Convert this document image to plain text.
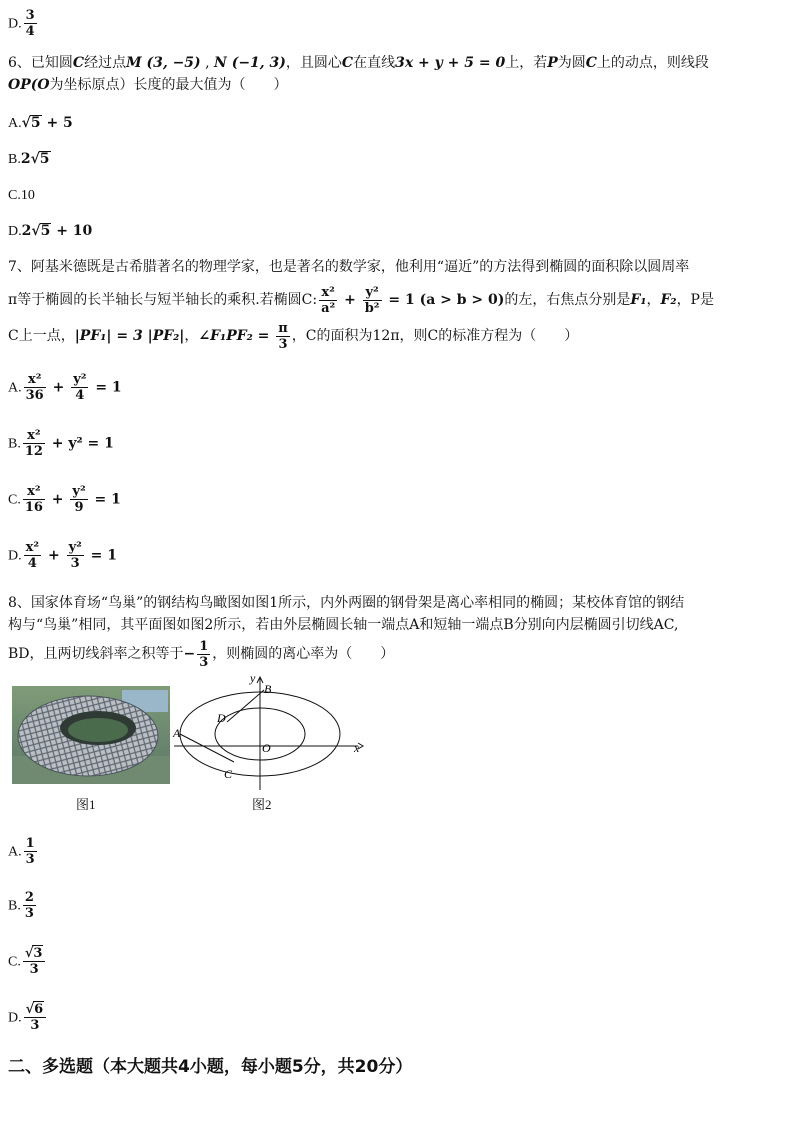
D. $\frac{3}{4}$
6、已知圆C经过点M (3, −5) , N (−1, 3)，且圆心C在直线3x + y + 5 = 0上，若P为圆C上的动点，则线段
OP(O为坐标原点）长度的最大值为（　　）
A.√5 + 5
B.2√5
C.10
D.2√5 + 10
7、阿基米德既是古希腊著名的物理学家，也是著名的数学家，他利用“逼近”的方法得到椭圆的面积除以圆周率
π等于椭圆的长半轴长与短半轴长的乘积.若椭圆C: $\frac{\text{x²}}{\text{a²}} + \frac{\text{y²}}{\text{b²}} = 1$ (a > b > 0)的左，右焦点分别是F₁，F₂，P是
C上一点，|PF₁| = 3 |PF₂|，∠F₁PF₂ = $\frac{\pi}{3}$ ，C的面积为12π，则C的标准方程为（　　）
A. $\frac{\text{x²}}{36} + \frac{\text{y²}}{4} = 1$
B. $\frac{\text{x²}}{12} + y^2 = 1$
C. $\frac{\text{x²}}{16} + \frac{\text{y²}}{9} = 1$
D. $\frac{\text{x²}}{4} + \frac{\text{y²}}{3} = 1$
8、国家体育场“鸟巢”的钢结构鸟瞰图如图1所示，内外两圈的钢骨架是离心率相同的椭圆；某校体育馆的钢结
构与“鸟巢”相同，其平面图如图2所示，若由外层椭圆长轴一端点A和短轴一端点B分别向内层椭圆引切线AC,
BD，且两切线斜率之积等于− $\frac{1}{3}$ ，则椭圆的离心率为（　　）
图1
y
B
D
A
O	x
C
图2
A. $\frac{1}{3}$
B. $\frac{2}{3}$
C. $\frac{√3}{3}$
D. $\frac{√6}{3}$
二、多选题（本大题共4小题，每小题5分，共20分）
